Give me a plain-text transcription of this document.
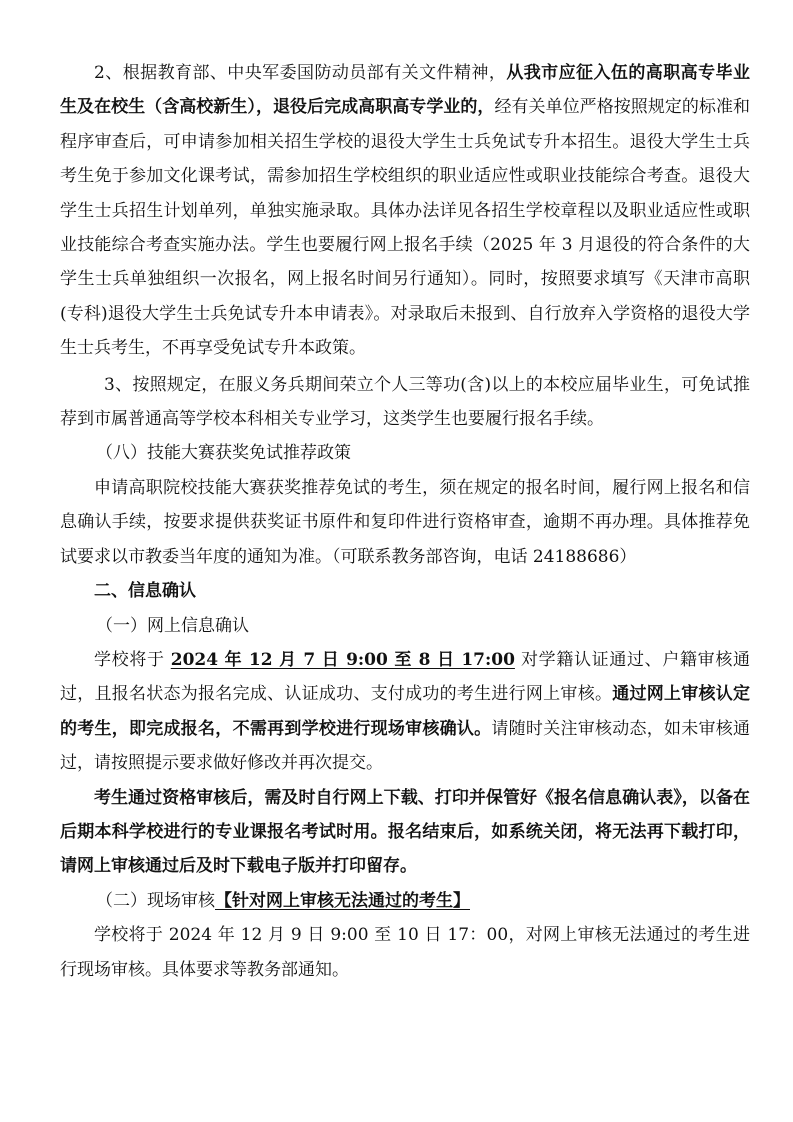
2、根据教育部、中央军委国防动员部有关文件精神，从我市应征入伍的高职高专毕业生及在校生（含高校新生），退役后完成高职高专学业的，经有关单位严格按照规定的标准和程序审查后，可申请参加相关招生学校的退役大学生士兵免试专升本招生。退役大学生士兵考生免于参加文化课考试，需参加招生学校组织的职业适应性或职业技能综合考查。退役大学生士兵招生计划单列，单独实施录取。具体办法详见各招生学校章程以及职业适应性或职业技能综合考查实施办法。学生也要履行网上报名手续（2025 年 3 月退役的符合条件的大学生士兵单独组织一次报名，网上报名时间另行通知）。同时，按照要求填写《天津市高职(专科)退役大学生士兵免试专升本申请表》。对录取后未报到、自行放弃入学资格的退役大学生士兵考生，不再享受免试专升本政策。

3、按照规定，在服义务兵期间荣立个人三等功(含)以上的本校应届毕业生，可免试推荐到市属普通高等学校本科相关专业学习，这类学生也要履行报名手续。

（八）技能大赛获奖免试推荐政策

申请高职院校技能大赛获奖推荐免试的考生，须在规定的报名时间，履行网上报名和信息确认手续，按要求提供获奖证书原件和复印件进行资格审查，逾期不再办理。具体推荐免试要求以市教委当年度的通知为准。（可联系教务部咨询，电话 24188686）

二、信息确认

（一）网上信息确认

学校将于 2024 年 12 月 7 日 9:00 至 8 日 17:00 对学籍认证通过、户籍审核通过，且报名状态为报名完成、认证成功、支付成功的考生进行网上审核。通过网上审核认定的考生，即完成报名，不需再到学校进行现场审核确认。请随时关注审核动态，如未审核通过，请按照提示要求做好修改并再次提交。

考生通过资格审核后，需及时自行网上下载、打印并保管好《报名信息确认表》，以备在后期本科学校进行的专业课报名考试时用。报名结束后，如系统关闭，将无法再下载打印，请网上审核通过后及时下载电子版并打印留存。

（二）现场审核【针对网上审核无法通过的考生】

学校将于 2024 年 12 月 9 日 9:00 至 10 日 17：00，对网上审核无法通过的考生进行现场审核。具体要求等教务部通知。
